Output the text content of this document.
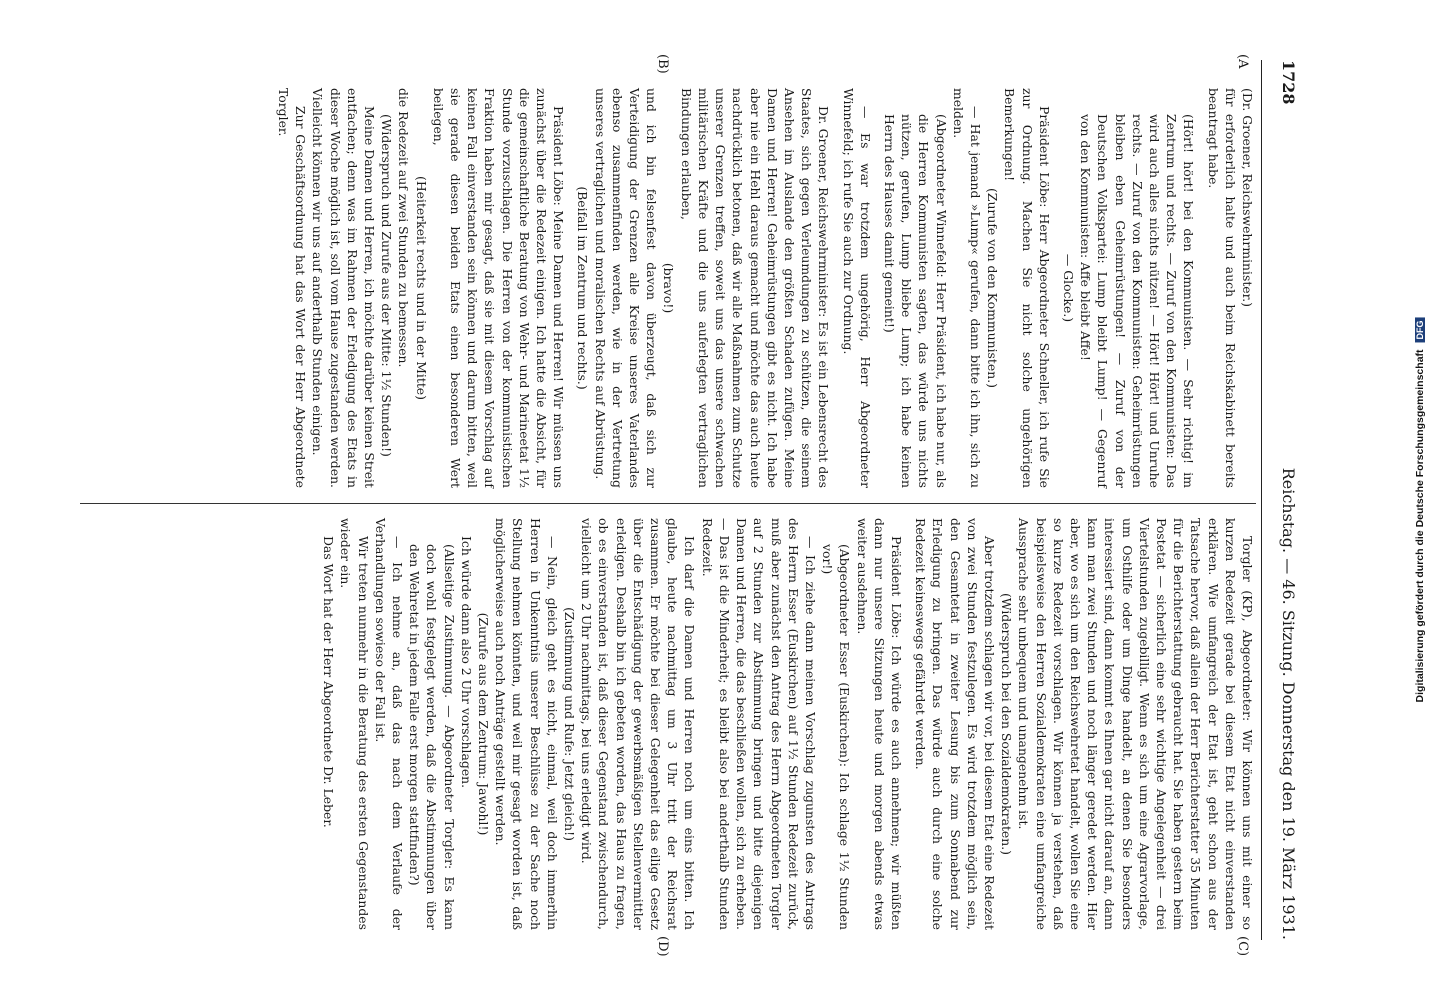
1728
Reichstag. — 46. Sitzung. Donnerstag den 19. März 1931.
(A
(B)
(C)
(D)

(Dr. Groener, Reichswehrminister.)

für erforderlich halte und auch beim Reichskabinett bereits beantragt habe.

(Hört! hört! bei den Kommunisten. — Sehr richtig! im Zentrum und rechts. — Zuruf von den Kommunisten: Das wird auch alles nichts nützen! — Hört! Hört! und Unruhe rechts. — Zuruf von den Kommunisten: Geheimrüstungen bleiben eben Geheimrüstungen! — Zuruf von der Deutschen Volkspartei: Lump bleibt Lump! — Gegenruf von den Kommunisten: Affe bleibt Affe!

— Glocke.)

Präsident Löbe: Herr Abgeordneter Schneller, ich rufe Sie zur Ordnung. Machen Sie nicht solche ungehörigen Bemerkungen!

(Zurufe von den Kommunisten.)

— Hat jemand »Lump« gerufen, dann bitte ich ihn, sich zu melden.

(Abgeordneter Winnefeld: Herr Präsident, ich habe nur, als die Herren Kommunisten sagten, das würde uns nichts nützen, gerufen, Lump bliebe Lump; ich habe keinen Herrn des Hauses damit gemeint!)

— Es war trotzdem ungehörig, Herr Abgeordneter Winnefeld; ich rufe Sie auch zur Ordnung.

Dr. Groener, Reichswehrminister: Es ist ein Lebensrecht des Staates, sich gegen Verleumdungen zu schützen, die seinem Ansehen im Auslande den größten Schaden zufügen. Meine Damen und Herren! Geheimrüstungen gibt es nicht. Ich habe aber nie ein Hehl daraus gemacht und möchte das auch heute nachdrücklich betonen, daß wir alle Maßnahmen zum Schutze unserer Grenzen treffen, soweit uns das unsere schwachen militärischen Kräfte und die uns auferlegten vertraglichen Bindungen erlauben,

(bravo!)

und ich bin felsenfest davon überzeugt, daß sich zur Verteidigung der Grenzen alle Kreise unseres Vaterlandes ebenso zusammenfinden werden, wie in der Vertretung unseres vertraglichen und moralischen Rechts auf Abrüstung.

(Beifall im Zentrum und rechts.)

Präsident Löbe: Meine Damen und Herren! Wir müssen uns zunächst über die Redezeit einigen. Ich hatte die Absicht, für die gemeinschaftliche Beratung von Wehr- und Marineetat 1½ Stunde vorzuschlagen. Die Herren von der kommunistischen Fraktion haben mir gesagt, daß sie mit diesem Vorschlag auf keinen Fall einverstanden sein können und darum bitten, weil sie gerade diesen beiden Etats einen besonderen Wert beilegen,

(Heiterkeit rechts und in der Mitte)

die Redezeit auf zwei Stunden zu bemessen.

(Widerspruch und Zurufe aus der Mitte: 1½ Stunden!)

Meine Damen und Herren, ich möchte darüber keinen Streit entfachen; denn was im Rahmen der Erledigung des Etats in dieser Woche möglich ist, soll vom Hause zugestanden werden. Vielleicht können wir uns auf anderthalb Stunden einigen.

Zur Geschäftsordnung hat das Wort der Herr Abgeordnete Torgler.

Torgler (KP), Abgeordneter: Wir können uns mit einer so kurzen Redezeit gerade bei diesem Etat nicht einverstanden erklären. Wie umfangreich der Etat ist, geht schon aus der Tatsache hervor, daß allein der Herr Berichterstatter 35 Minuten für die Berichterstattung gebraucht hat. Sie haben gestern beim Postetat — sicherlich eine sehr wichtige Angelegenheit — drei Viertelstunden zugebilligt. Wenn es sich um eine Agrarvorlage, um Osthilfe oder um Dinge handelt, an denen Sie besonders interessiert sind, dann kommt es Ihnen gar nicht darauf an, dann kann man zwei Stunden und noch länger geredet werden. Hier aber, wo es sich um den Reichswehretat handelt, wollen Sie eine so kurze Redezeit vorschlagen. Wir können ja verstehen, daß beispielsweise den Herren Sozialdemokraten eine umfangreiche Aussprache sehr unbequem und unangenehm ist.

(Widerspruch bei den Sozialdemokraten.)

Aber trotzdem schlagen wir vor, bei diesem Etat eine Redezeit von zwei Stunden festzulegen. Es wird trotzdem möglich sein, den Gesamtetat in zweiter Lesung bis zum Sonnabend zur Erledigung zu bringen. Das würde auch durch eine solche Redezeit keineswegs gefährdet werden.

Präsident Löbe: Ich würde es auch annehmen; wir müßten dann nur unsere Sitzungen heute und morgen abends etwas weiter ausdehnen.

(Abgeordneter Esser (Euskirchen): Ich schlage 1½ Stunden vor!)

— Ich ziehe dann meinen Vorschlag zugunsten des Antrags des Herrn Esser (Euskirchen) auf 1½ Stunden Redezeit zurück, muß aber zunächst den Antrag des Herrn Abgeordneten Torgler auf 2 Stunden zur Abstimmung bringen und bitte diejenigen Damen und Herren, die das beschließen wollen, sich zu erheben. — Das ist die Minderheit; es bleibt also bei anderthalb Stunden Redezeit.

Ich darf die Damen und Herren noch um eins bitten. Ich glaube, heute nachmittag um 3 Uhr tritt der Reichsrat zusammen. Er möchte bei dieser Gelegenheit das eilige Gesetz über die Entschädigung der gewerbsmäßigen Stellenvermittler erledigen. Deshalb bin ich gebeten worden, das Haus zu fragen, ob es einverstanden ist, daß dieser Gegenstand zwischendurch, vielleicht um 2 Uhr nachmittags, bei uns erledigt wird.

(Zustimmung und Rufe: Jetzt gleich!)

— Nein, gleich geht es nicht, einmal, weil doch immerhin Herren in Unkenntnis unserer Beschlüsse zu der Sache noch Stellung nehmen könnten, und weil mir gesagt worden ist, daß möglicherweise auch noch Anträge gestellt werden.

(Zurufe aus dem Zentrum: Jawohl!)

Ich würde dann also 2 Uhr vorschlagen.

(Allseitige Zustimmung. — Abgeordneter Torgler: Es kann doch wohl festgelegt werden, daß die Abstimmungen über den Wehretat in jedem Falle erst morgen stattfinden?)

— Ich nehme an, daß das nach dem Verlaufe der Verhandlungen sowieso der Fall ist.

Wir treten nunmehr in die Beratung des ersten Gegenstandes wieder ein.

Das Wort hat der Herr Abgeordnete Dr. Leber.	Digitalisierung gefördert durch die Deutsche Forschungsgemeinschaft DFG
